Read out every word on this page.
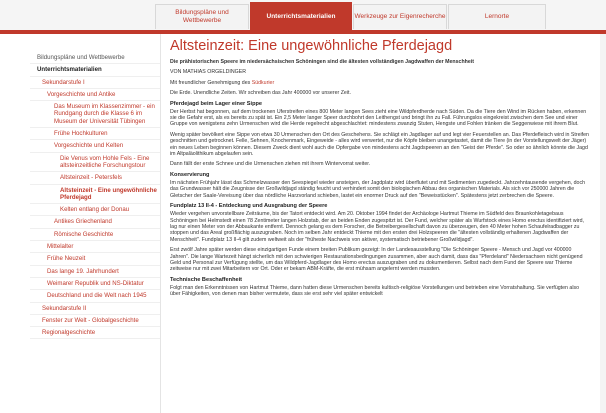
Bildungspläne und Wettbewerbe
Unterrichtsmaterialien	Werkzeuge zur Eigenrecherche	Lernorte
Bildungspläne und Wettbewerbe
Unterrichtsmaterialien
Sekundarstufe I
Vorgeschichte und Antike
Das Museum im Klassenzimmer - ein Rundgang durch die Klasse 6 im Museum der Universität Tübingen
Frühe Hochkulturen
Vorgeschichte und Kelten
Die Venus vom Hohle Fels - Eine altsteinzeitliche Forschungstour
Altsteinzeit - Petersfels
Altsteinzeit - Eine ungewöhnliche Pferdejagd
Kelten entlang der Donau
Antikes Griechenland
Römische Geschichte
Mittelalter
Frühe Neuzeit
Das lange 19. Jahrhundert
Weimarer Republik und NS-Diktatur
Deutschland und die Welt nach 1945
Sekundarstufe II
Fenster zur Welt - Globalgeschichte
Regionalgeschichte
Altsteinzeit: Eine ungewöhnliche Pferdejagd

Die prähistorischen Speere im niedersächsischen Schöningen sind die ältesten vollständigen Jagdwaffen der Menschheit

VON MATHIAS ORGELDINGER

Mit freundlicher Genehmigung des Südkurier

Die Erde. Unendliche Zeiten. Wir schreiben das Jahr 400000 vor unserer Zeit.

Pferdejagd beim Lager einer Sippe

Der Herbst hat begonnen, auf dem trockenen Uferstreifen eines 800 Meter langen Sees zieht eine Wildpferdherde nach Süden. Da die Tiere den Wind im Rücken haben, erkennen sie die Gefahr erst, als es bereits zu spät ist. Ein 2,5 Meter langer Speer durchbohrt den Leithengst und bringt ihn zu Fall. Führungslos eingekreist zwischen dem See und einer Gruppe von wenigstens zehn Urmenschen wird die Herde regelrecht abgeschlachtet: mindestens zwanzig Stuten, Hengste und Fohlen tränken die Seggenwiese mit ihrem Blut.

Wenig später bevölkert eine Sippe von etwa 30 Urmenschen den Ort des Geschehens. Sie schlägt ein Jagdlager auf und legt vier Feuerstellen an. Das Pferdefleisch wird in Streifen geschnitten und getrocknet. Felle, Sehnen, Knochenmark, Eingeweide - alles wird verwertet, nur die Köpfe bleiben unangetastet, damit die Tiere (in der Vorstellungswelt der Jäger) ein neues Leben beginnen können. Diesem Zweck dient wohl auch die Opfergabe von mindestens acht Jagdspeeren an den "Geist der Pferde". So oder so ähnlich könnte die Jagd im Altpaläolithikum abgelaufen sein.

Dann fällt der erste Schnee und die Urmenschen ziehen mit ihrem Wintervorrat weiter.

Konservierung

Im nächsten Frühjahr lässt das Schmelzwasser den Seespiegel wieder ansteigen, der Jagdplatz wird überflutet und mit Sedimenten zugedeckt. Jahrzehntausende vergehen, doch das Grundwasser hält die Zeugnisse der Großwildjagd ständig feucht und verhindert somit den biologischen Abbau des organischen Materials. Als sich vor 250000 Jahren die Gletscher der Saale-Vereisung über das nördliche Harzvorland schieben, lastet ein enormer Druck auf den "Beweisstücken". Spätestens jetzt zerbrechen die Speere.

Fundplatz 13 II-4 - Entdeckung und Ausgrabung der Speere

Wieder vergehen unvorstellbare Zeiträume, bis der Tatort entdeckt wird. Am 20. Oktober 1994 findet der Archäologe Hartmut Thieme im Südfeld des Braunkohletagebaus Schöningen bei Helmstedt einen 78 Zentimeter langen Holzstab, der an beiden Enden zugespitzt ist. Der Fund, welcher später als Wurfstock eines Homo erectus identifiziert wird, lag nur einen Meter von der Abbaukante entfernt. Dennoch gelang es dem Forscher, die Betreibergesellschaft davon zu überzeugen, den 40 Meter hohen Schaufelradbagger zu stoppen und das Areal großflächig auszugraben. Noch im selben Jahr entdeckt Thieme mit den ersten drei Holzspeeren die "ältesten vollständig erhaltenen Jagdwaffen der Menschheit". Fundplatz 13 II-4 gilt zudem weltweit als der "früheste Nachweis von aktiver, systematisch betriebener Großwildjagd".

Erst zwölf Jahre später werden diese einzigartigen Funde einem breiten Publikum gezeigt: In der Landesausstellung "Die Schöninger Speere - Mensch und Jagd vor 400000 Jahren". Die lange Wartezeit hängt sicherlich mit den schwierigen Restaurationsbedingungen zusammen, aber auch damit, dass das "Pferdeland" Niedersachsen nicht genügend Geld und Personal zur Verfügung stellte, um das Wildpferd-Jagdlager des Homo erectus auszugraben und zu dokumentieren. Selbst nach dem Fund der Speere war Thieme zeitweise nur mit zwei Mitarbeitern vor Ort. Oder er bekam ABM-Kräfte, die erst mühsam angelernt werden mussten.

Technische Beschaffenheit

Folgt man den Erkenntnissen von Hartmut Thieme, dann hatten diese Urmenschen bereits kultisch-religiöse Vorstellungen und betrieben eine Vorratshaltung. Sie verfügten also über Fähigkeiten, von denen man bisher vermutete, dass sie erst sehr viel später entwickelt
